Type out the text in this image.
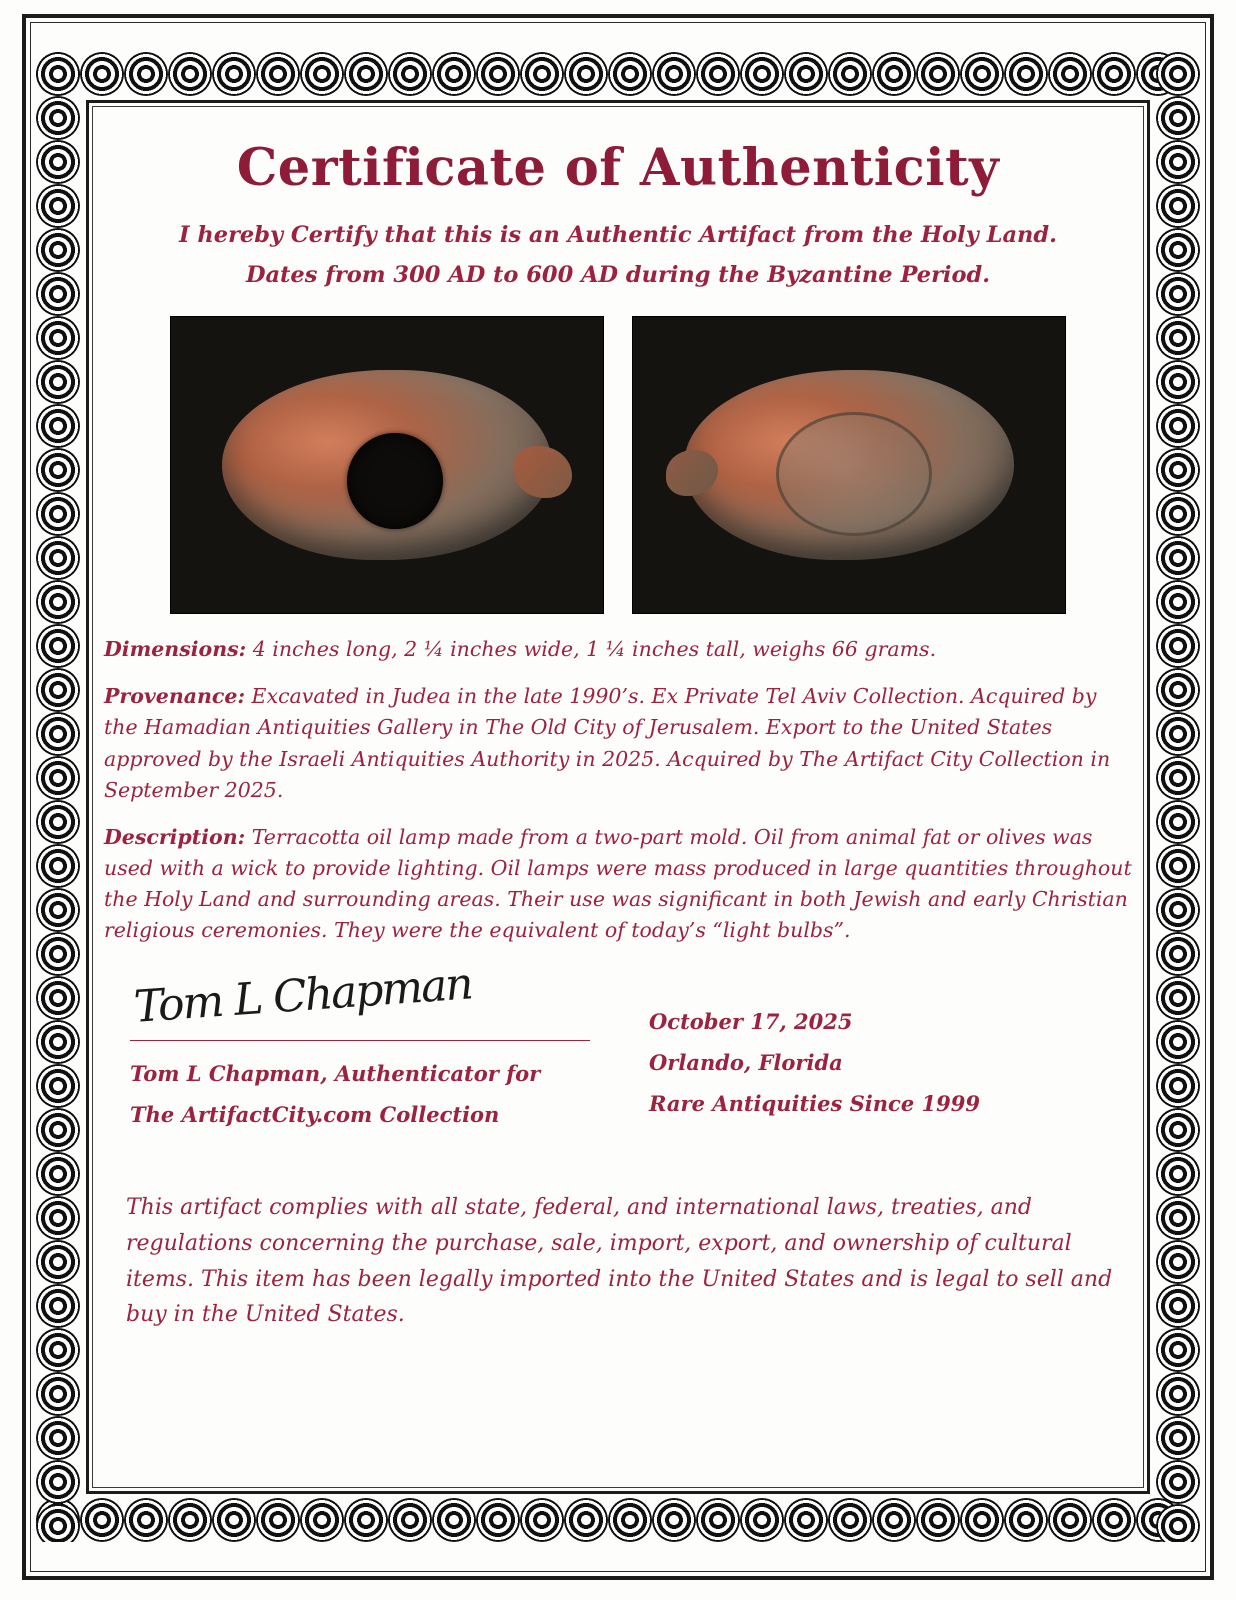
Certificate of Authenticity
I hereby Certify that this is an Authentic Artifact from the Holy Land.
Dates from 300 AD to 600 AD during the Byzantine Period.

Dimensions: 4 inches long, 2 ¼ inches wide, 1 ¼ inches tall, weighs 66 grams.

Provenance: Excavated in Judea in the late 1990’s. Ex Private Tel Aviv Collection. Acquired by the Hamadian Antiquities Gallery in The Old City of Jerusalem. Export to the United States approved by the Israeli Antiquities Authority in 2025. Acquired by The Artifact City Collection in September 2025.

Description: Terracotta oil lamp made from a two-part mold. Oil from animal fat or olives was used with a wick to provide lighting. Oil lamps were mass produced in large quantities throughout the Holy Land and surrounding areas. Their use was significant in both Jewish and early Christian religious ceremonies. They were the equivalent of today’s “light bulbs”.

Tom L Chapman
Tom L Chapman, Authenticator for
The ArtifactCity.com Collection
October 17, 2025
Orlando, Florida
Rare Antiquities Since 1999
This artifact complies with all state, federal, and international laws, treaties, and regulations concerning the purchase, sale, import, export, and ownership of cultural items. This item has been legally imported into the United States and is legal to sell and buy in the United States.
